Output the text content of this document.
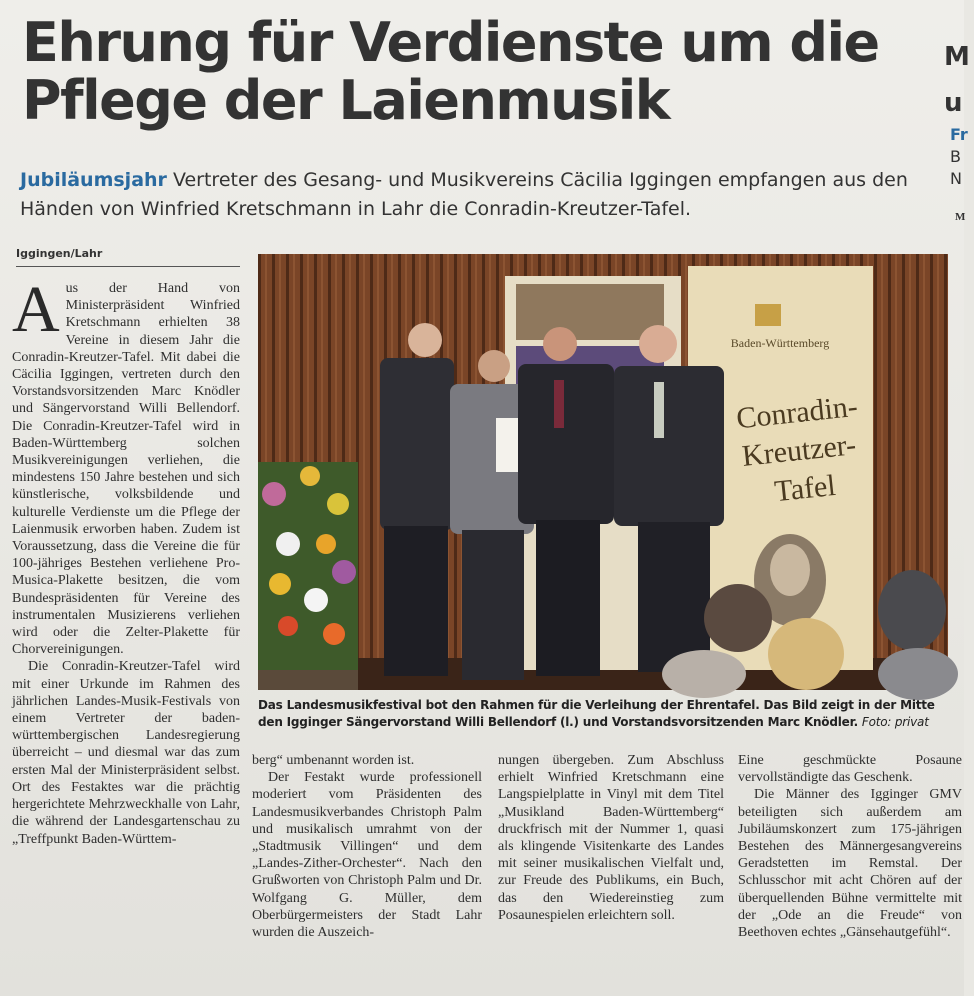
Ehrung für Verdienste um die
Pflege der Laienmusik
M
u
Fr
B
N
M

Jubiläumsjahr Vertreter des Gesang- und Musikvereins Cäcilia Iggingen empfangen aus den Händen von Winfried Kretschmann in Lahr die Conradin-Kreutzer-Tafel.

Iggingen/Lahr
A us der Hand von Ministerpräsident Winfried Kretschmann erhielten 38 Vereine in diesem Jahr die Conradin-Kreutzer-Tafel. Mit dabei die Cäcilia Iggingen, vertreten durch den Vorstandsvorsitzenden Marc Knödler und Sängervorstand Willi Bellendorf. Die Conradin-Kreutzer-Tafel wird in Baden-Württemberg solchen Musikvereinigungen verliehen, die mindestens 150 Jahre bestehen und sich künstlerische, volksbildende und kulturelle Verdienste um die Pflege der Laienmusik erworben haben. Zudem ist Voraussetzung, dass die Vereine die für 100-jähriges Bestehen verliehene Pro-Musica-Plakette besitzen, die vom Bundespräsidenten für Vereine des instrumentalen Musizierens verliehen wird oder die Zelter-Plakette für Chorvereinigungen.

Die Conradin-Kreutzer-Tafel wird mit einer Urkunde im Rahmen des jährlichen Landes-Musik-Festivals von einem Vertreter der baden-württembergischen Landesregierung überreicht – und diesmal war das zum ersten Mal der Ministerpräsident selbst. Ort des Festaktes war die prächtig hergerichtete Mehrzweckhalle von Lahr, die während der Landesgartenschau zu „Treffpunkt Baden-Württem-

Baden-Württemberg
Conradin-
Kreutzer-
Tafel
Das Landesmusikfestival bot den Rahmen für die Verleihung der Ehrentafel. Das Bild zeigt in der Mitte den Igginger Sängervorstand Willi Bellendorf (l.) und Vorstandsvorsitzenden Marc Knödler. Foto: privat

berg“ umbenannt worden ist.

Der Festakt wurde professionell moderiert vom Präsidenten des Landesmusikverbandes Christoph Palm und musikalisch umrahmt von der „Stadtmusik Villingen“ und dem „Landes-Zither-Orchester“. Nach den Grußworten von Christoph Palm und Dr. Wolfgang G. Müller, dem Oberbürgermeisters der Stadt Lahr wurden die Auszeich-

nungen übergeben. Zum Abschluss erhielt Winfried Kretschmann eine Langspielplatte in Vinyl mit dem Titel „Musikland Baden-Württemberg“ druckfrisch mit der Nummer 1, quasi als klingende Visitenkarte des Landes mit seiner musikalischen Vielfalt und, zur Freude des Publikums, ein Buch, das den Wiedereinstieg zum Posaunespielen erleichtern soll.

Eine geschmückte Posaune vervollständigte das Geschenk.

Die Männer des Igginger GMV beteiligten sich außerdem am Jubiläumskonzert zum 175-jährigen Bestehen des Männergesangvereins Geradstetten im Remstal. Der Schlusschor mit acht Chören auf der überquellenden Bühne vermittelte mit der „Ode an die Freude“ von Beethoven echtes „Gänsehautgefühl“.
